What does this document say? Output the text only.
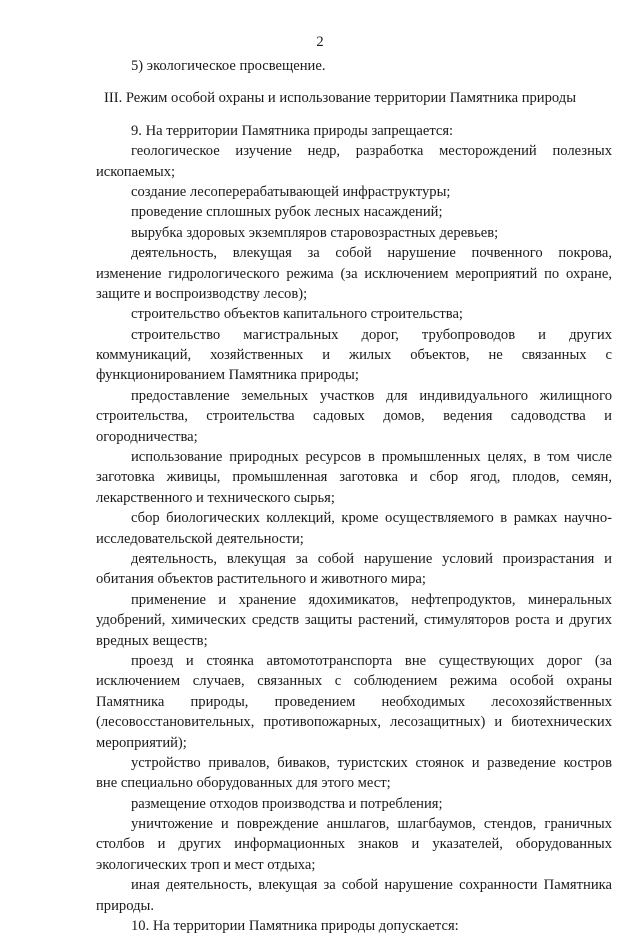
2
5) экологическое просвещение.
III. Режим особой охраны и использование территории Памятника природы
9. На территории Памятника природы запрещается:
геологическое изучение недр, разработка месторождений полезных
ископаемых;
создание лесоперерабатывающей инфраструктуры;
проведение сплошных рубок лесных насаждений;
вырубка здоровых экземпляров старовозрастных деревьев;
деятельность, влекущая за собой нарушение почвенного покрова,
изменение гидрологического режима (за исключением мероприятий по охране,
защите и воспроизводству лесов);
строительство объектов капитального строительства;
строительство магистральных дорог, трубопроводов и других
коммуникаций, хозяйственных и жилых объектов, не связанных с
функционированием Памятника природы;
предоставление земельных участков для индивидуального жилищного
строительства, строительства садовых домов, ведения садоводства и
огородничества;
использование природных ресурсов в промышленных целях, в том числе
заготовка живицы, промышленная заготовка и сбор ягод, плодов, семян,
лекарственного и технического сырья;
сбор биологических коллекций, кроме осуществляемого в рамках научно-
исследовательской деятельности;
деятельность, влекущая за собой нарушение условий произрастания и
обитания объектов растительного и животного мира;
применение и хранение ядохимикатов, нефтепродуктов, минеральных
удобрений, химических средств защиты растений, стимуляторов роста и других
вредных веществ;
проезд и стоянка автомототранспорта вне существующих дорог (за
исключением случаев, связанных с соблюдением режима особой охраны
Памятника природы, проведением необходимых лесохозяйственных
(лесовосстановительных, противопожарных, лесозащитных) и биотехнических
мероприятий);
устройство привалов, биваков, туристских стоянок и разведение костров
вне специально оборудованных для этого мест;
размещение отходов производства и потребления;
уничтожение и повреждение аншлагов, шлагбаумов, стендов, граничных
столбов и других информационных знаков и указателей, оборудованных
экологических троп и мест отдыха;
иная деятельность, влекущая за собой нарушение сохранности Памятника
природы.
10. На территории Памятника природы допускается:
